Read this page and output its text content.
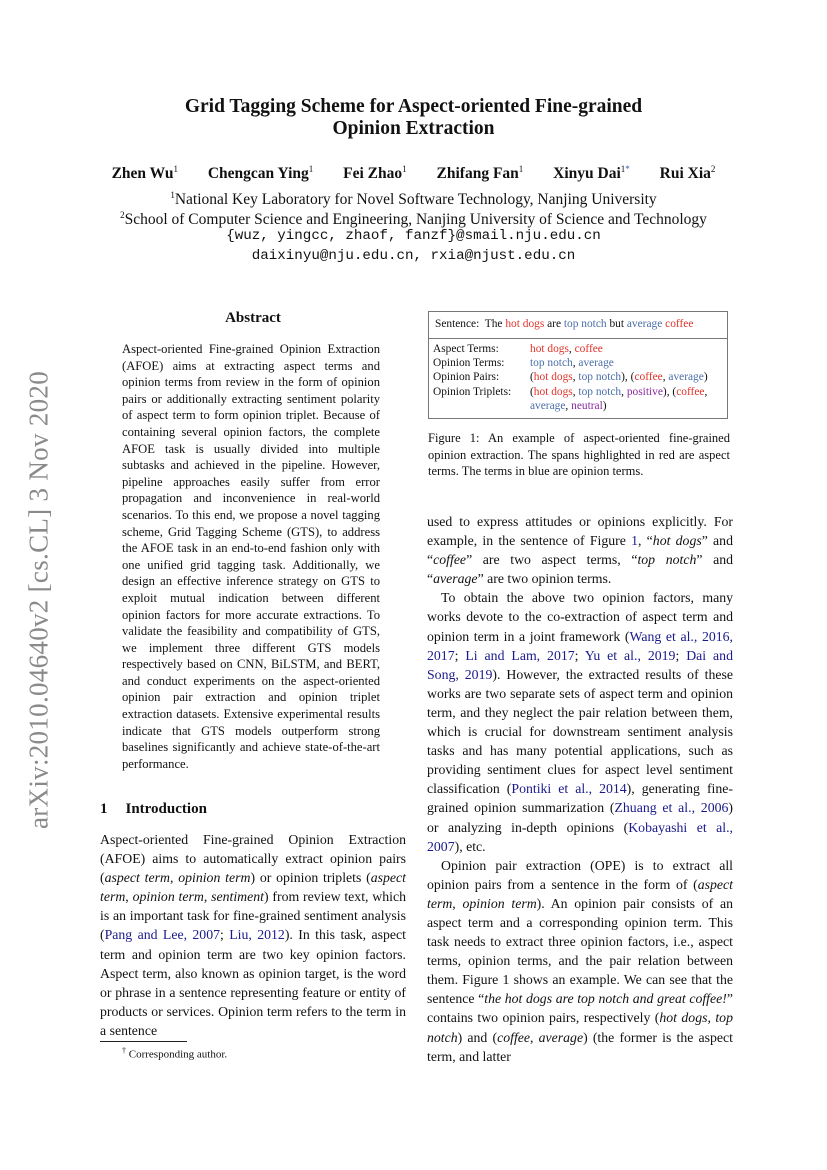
arXiv:2010.04640v2 [cs.CL] 3 Nov 2020
Grid Tagging Scheme for Aspect-oriented Fine-grained
Opinion Extraction
Zhen Wu$^1$ Chengcan Ying$^1$ Fei Zhao$^1$ Zhifang Fan$^1$ Xinyu Dai$^{1*}$ Rui Xia$^2$
$^1$National Key Laboratory for Novel Software Technology, Nanjing University
$^2$School of Computer Science and Engineering, Nanjing University of Science and Technology
{wuz, yingcc, zhaof, fanzf}@smail.nju.edu.cn
daixinyu@nju.edu.cn, rxia@njust.edu.cn
Abstract
Aspect-oriented Fine-grained Opinion Extraction (AFOE) aims at extracting aspect terms and opinion terms from review in the form of opinion pairs or additionally extracting sentiment polarity of aspect term to form opinion triplet. Because of containing several opinion factors, the complete AFOE task is usually divided into multiple subtasks and achieved in the pipeline. However, pipeline approaches easily suffer from error propagation and inconvenience in real-world scenarios. To this end, we propose a novel tagging scheme, Grid Tagging Scheme (GTS), to address the AFOE task in an end-to-end fashion only with one unified grid tagging task. Additionally, we design an effective inference strategy on GTS to exploit mutual indication between different opinion factors for more accurate extractions. To validate the feasibility and compatibility of GTS, we implement three different GTS models respectively based on CNN, BiLSTM, and BERT, and conduct experiments on the aspect-oriented opinion pair extraction and opinion triplet extraction datasets. Extensive experimental results indicate that GTS models outperform strong baselines significantly and achieve state-of-the-art performance.
1 Introduction

Aspect-oriented Fine-grained Opinion Extraction (AFOE) aims to automatically extract opinion pairs (aspect term, opinion term) or opinion triplets (aspect term, opinion term, sentiment) from review text, which is an important task for fine-grained sentiment analysis (Pang and Lee, 2007; Liu, 2012). In this task, aspect term and opinion term are two key opinion factors. Aspect term, also known as opinion target, is the word or phrase in a sentence representing feature or entity of products or services. Opinion term refers to the term in a sentence

† Corresponding author.
Sentence: The hot dogs are top notch but average coffee
Aspect Terms:	hot dogs, coffee
Opinion Terms:	top notch, average
Opinion Pairs:	(hot dogs, top notch), (coffee, average)
Opinion Triplets:	(hot dogs, top notch, positive), (coffee,
average, neutral)
Figure 1: An example of aspect-oriented fine-grained opinion extraction. The spans highlighted in red are aspect terms. The terms in blue are opinion terms.

used to express attitudes or opinions explicitly. For example, in the sentence of Figure 1, “hot dogs” and “coffee” are two aspect terms, “top notch” and “average” are two opinion terms.

To obtain the above two opinion factors, many works devote to the co-extraction of aspect term and opinion term in a joint framework (Wang et al., 2016, 2017; Li and Lam, 2017; Yu et al., 2019; Dai and Song, 2019). However, the extracted results of these works are two separate sets of aspect term and opinion term, and they neglect the pair relation between them, which is crucial for downstream sentiment analysis tasks and has many potential applications, such as providing sentiment clues for aspect level sentiment classification (Pontiki et al., 2014), generating fine-grained opinion summarization (Zhuang et al., 2006) or analyzing in-depth opinions (Kobayashi et al., 2007), etc.

Opinion pair extraction (OPE) is to extract all opinion pairs from a sentence in the form of (aspect term, opinion term). An opinion pair consists of an aspect term and a corresponding opinion term. This task needs to extract three opinion factors, i.e., aspect terms, opinion terms, and the pair relation between them. Figure 1 shows an example. We can see that the sentence “the hot dogs are top notch and great coffee!” contains two opinion pairs, respectively (hot dogs, top notch) and (coffee, average) (the former is the aspect term, and latter
